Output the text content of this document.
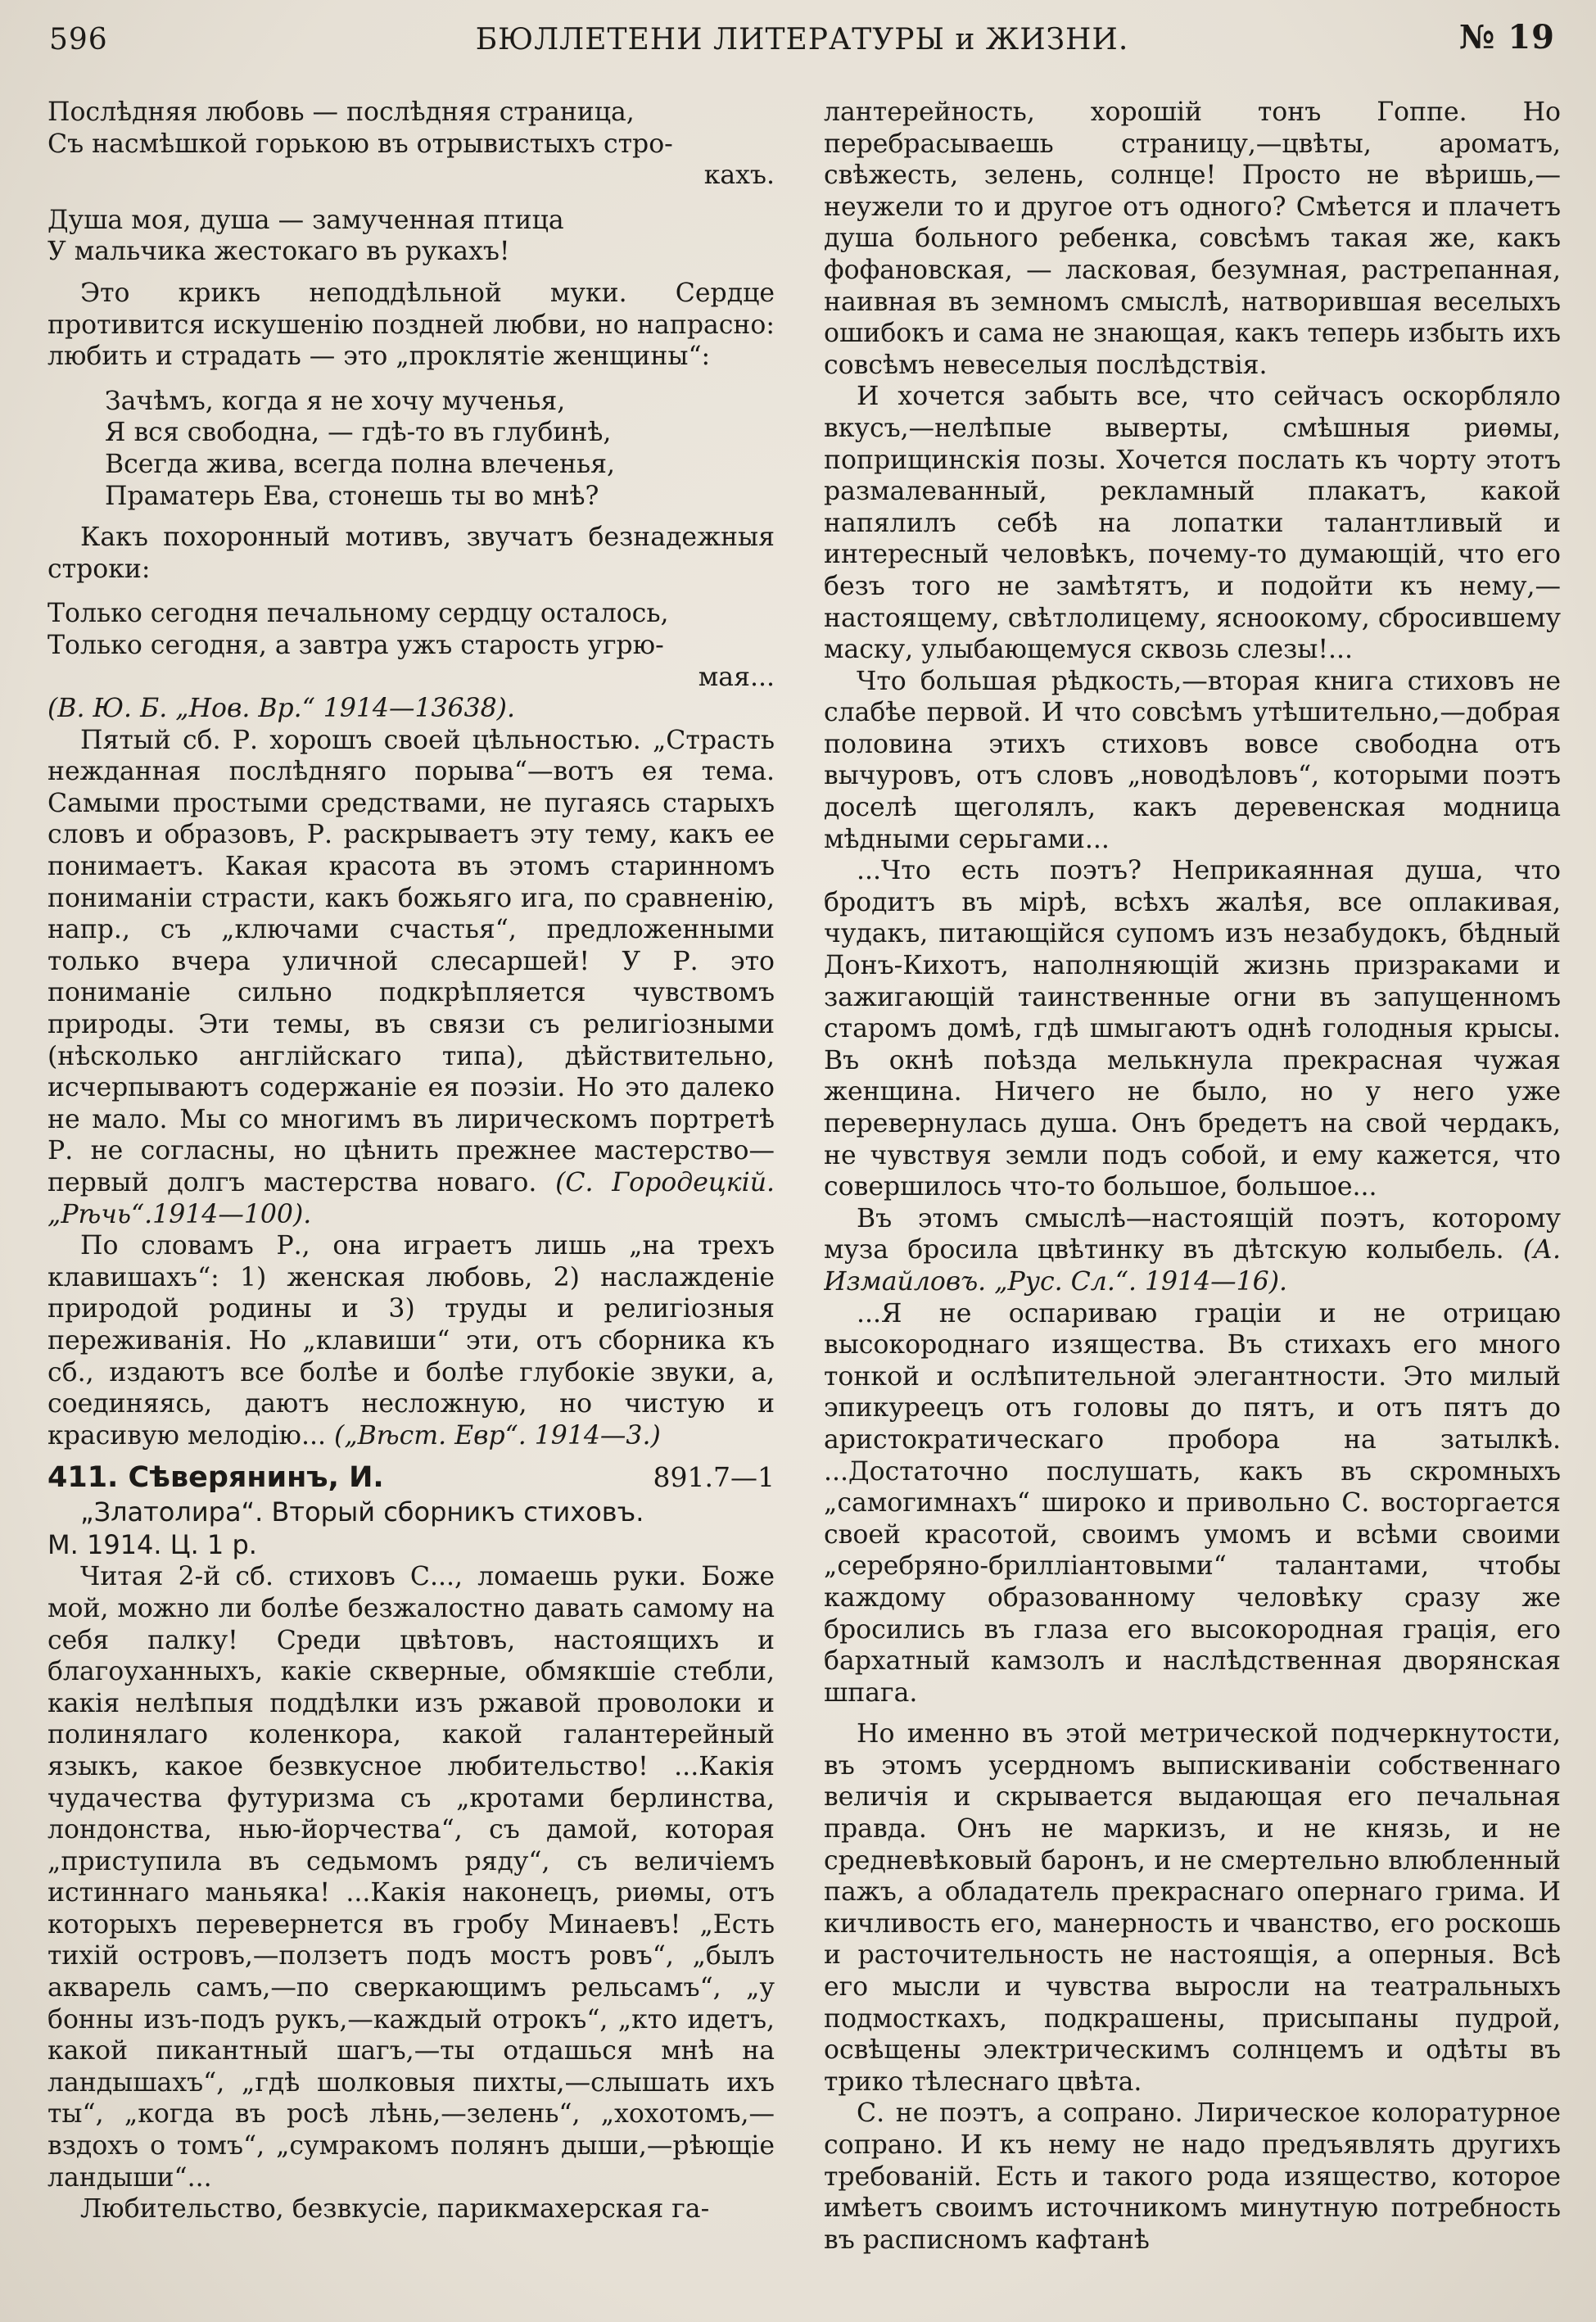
596	БЮЛЛЕТЕНИ ЛИТЕРАТУРЫ и ЖИЗНИ.	№ 19
Послѣдняя любовь — послѣдняя страница,
Съ насмѣшкой горькою въ отрывистыхъ стро-
кахъ.
Душа моя, душа — замученная птица
У мальчика жестокаго въ рукахъ!

Это крикъ неподдѣльной муки. Сердце противится искушенію поздней любви, но напрасно: любить и страдать — это „проклятіе женщины“:

Зачѣмъ, когда я не хочу мученья,
Я вся свободна, — гдѣ-то въ глубинѣ,
Всегда жива, всегда полна влеченья,
Праматерь Ева, стонешь ты во мнѣ?

Какъ похоронный мотивъ, звучатъ безнадежныя строки:

Только сегодня печальному сердцу осталось,
Только сегодня, а завтра ужъ старость угрю-
мая...

(В. Ю. Б. „Нов. Вр.“ 1914—13638).

Пятый сб. Р. хорошъ своей цѣльностью. „Страсть нежданная послѣдняго порыва“—вотъ ея тема. Самыми простыми средствами, не пугаясь старыхъ словъ и образовъ, Р. раскрываетъ эту тему, какъ ее понимаетъ. Какая красота въ этомъ старинномъ пониманіи страсти, какъ божьяго ига, по сравненію, напр., съ „ключами счастья“, предложенными только вчера уличной слесаршей! У Р. это пониманіе сильно подкрѣпляется чувствомъ природы. Эти темы, въ связи съ религіозными (нѣсколько англійскаго типа), дѣйствительно, исчерпываютъ содержаніе ея поэзіи. Но это далеко не мало. Мы со многимъ въ лирическомъ портретѣ Р. не согласны, но цѣнить прежнее мастерство—первый долгъ мастерства новаго. (С. Городецкій. „Рѣчь“.1914—100).

По словамъ Р., она играетъ лишь „на трехъ клавишахъ“: 1) женская любовь, 2) наслажденіе природой родины и 3) труды и религіозныя переживанія. Но „клавиши“ эти, отъ сборника къ сб., издаютъ все болѣе и болѣе глубокіе звуки, а, соединяясь, даютъ несложную, но чистую и красивую мелодію... („Вѣст. Евр“. 1914—3.)

411. Сѣверянинъ, И.	891.7—1

„Златолира“. Вторый сборникъ стиховъ.

М. 1914. Ц. 1 р.

Читая 2-й сб. стиховъ С..., ломаешь руки. Боже мой, можно ли болѣе безжалостно давать самому на себя палку! Среди цвѣтовъ, настоящихъ и благоуханныхъ, какіе скверные, обмякшіе стебли, какія нелѣпыя поддѣлки изъ ржавой проволоки и полинялаго коленкора, какой галантерейный языкъ, какое безвкусное любительство! ...Какія чудачества футуризма съ „кротами берлинства, лондонства, нью-йорчества“, съ дамой, которая „приступила въ седьмомъ ряду“, съ величіемъ истиннаго маньяка! ...Какія наконецъ, риѳмы, отъ которыхъ перевернется въ гробу Минаевъ! „Есть тихій островъ,—ползетъ подъ мостъ ровъ“, „былъ акварель самъ,—по сверкающимъ рельсамъ“, „у бонны изъ-подъ рукъ,—каждый отрокъ“, „кто идетъ, какой пикантный шагъ,—ты отдашься мнѣ на ландышахъ“, „гдѣ шолковыя пихты,—слышать ихъ ты“, „когда въ росѣ лѣнь,—зелень“, „хохотомъ,—вздохъ о томъ“, „сумракомъ полянъ дыши,—рѣющіе ландыши“...

Любительство, безвкусіе, парикмахерская га-

лантерейность, хорошій тонъ Гоппе. Но перебрасываешь страницу,—цвѣты, ароматъ, свѣжесть, зелень, солнце! Просто не вѣришь,— неужели то и другое отъ одного? Смѣется и плачетъ душа больного ребенка, совсѣмъ такая же, какъ фофановская, — ласковая, безумная, растрепанная, наивная въ земномъ смыслѣ, натворившая веселыхъ ошибокъ и сама не знающая, какъ теперь избыть ихъ совсѣмъ невеселыя послѣдствія.

И хочется забыть все, что сейчасъ оскорбляло вкусъ,—нелѣпые выверты, смѣшныя риѳмы, поприщинскія позы. Хочется послать къ чорту этотъ размалеванный, рекламный плакатъ, какой напялилъ себѣ на лопатки талантливый и интересный человѣкъ, почему-то думающій, что его безъ того не замѣтятъ, и подойти къ нему,—настоящему, свѣтлолицему, ясноокому, сбросившему маску, улыбающемуся сквозь слезы!...

Что большая рѣдкость,—вторая книга стиховъ не слабѣе первой. И что совсѣмъ утѣшительно,—добрая половина этихъ стиховъ вовсе свободна отъ вычуровъ, отъ словъ „новодѣловъ“, которыми поэтъ доселѣ щеголялъ, какъ деревенская модница мѣдными серьгами...

...Что есть поэтъ? Неприкаянная душа, что бродитъ въ мірѣ, всѣхъ жалѣя, все оплакивая, чудакъ, питающійся супомъ изъ незабудокъ, бѣдный Донъ-Кихотъ, наполняющій жизнь призраками и зажигающій таинственные огни въ запущенномъ старомъ домѣ, гдѣ шмыгаютъ однѣ голодныя крысы. Въ окнѣ поѣзда мелькнула прекрасная чужая женщина. Ничего не было, но у него уже перевернулась душа. Онъ бредетъ на свой чердакъ, не чувствуя земли подъ собой, и ему кажется, что совершилось что-то большое, большое...

Въ этомъ смыслѣ—настоящій поэтъ, которому муза бросила цвѣтинку въ дѣтскую колыбель. (А. Измайловъ. „Рус. Сл.“. 1914—16).

...Я не оспариваю граціи и не отрицаю высокороднаго изящества. Въ стихахъ его много тонкой и ослѣпительной элегантности. Это милый эпикуреецъ отъ головы до пятъ, и отъ пятъ до аристократическаго пробора на затылкѣ. ...Достаточно послушать, какъ въ скромныхъ „самогимнахъ“ широко и привольно С. восторгается своей красотой, своимъ умомъ и всѣми своими „серебряно-бриллiантовыми“ талантами, чтобы каждому образованному человѣку сразу же бросились въ глаза его высокородная грація, его бархатный камзолъ и наслѣдственная дворянская шпага.

Но именно въ этой метрической подчеркнутости, въ этомъ усердномъ выпискиваніи собственнаго величія и скрывается выдающая его печальная правда. Онъ не маркизъ, и не князь, и не средневѣковый баронъ, и не смертельно влюбленный пажъ, а обладатель прекраснаго опернаго грима. И кичливость его, манерность и чванство, его роскошь и расточительность не настоящія, а оперныя. Всѣ его мысли и чувства выросли на театральныхъ подмосткахъ, подкрашены, присыпаны пудрой, освѣщены электрическимъ солнцемъ и одѣты въ трико тѣлеснаго цвѣта.

С. не поэтъ, а сопрано. Лирическое колоратурное сопрано. И къ нему не надо предъявлять другихъ требованій. Есть и такого рода изящество, которое имѣетъ своимъ источникомъ минутную потребность въ расписномъ кафтанѣ
